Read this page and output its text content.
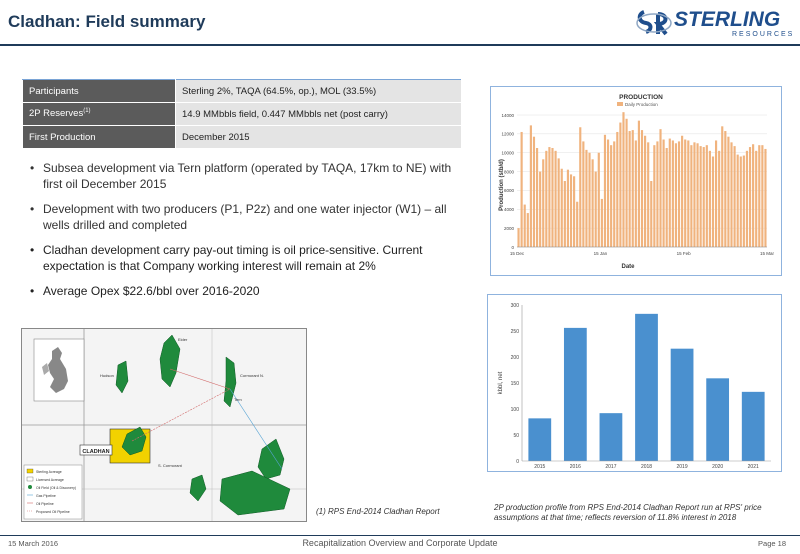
Cladhan: Field summary	STERLING
RESOURCES
Participants	Sterling 2%, TAQA (64.5%, op.), MOL (33.5%)
2P Reserves$^{(1)}$	14.9 MMbbls field, 0.447 MMbbls net (post carry)
First Production	December 2015
• Subsea development via Tern platform (operated by TAQA, 17km to NE) with first oil December 2015
• Development with two producers (P1, P2z) and one water injector (W1) – all wells drilled and completed
• Cladhan development carry pay-out timing is oil price-sensitive. Current expectation is that Company working interest will remain at 2%
• Average Opex $22.6/bbl over 2016-2020
PRODUCTION
Daily Production
Production (stb/d)
Date
0
2000
4000
6000
8000
10000
12000
14000
15 Dec	15 Jan	15 Feb	15 Mar
kbbl, net
0
50
100
150
200
250
300
2015	2016	2017	2018	2019	2020	2021
CLADHAN
Eider
Hudson	Cormorant N.
S. Cormorant
Tern
Sterling Acreage
Licensed Acreage
Oil Field (Oil & Discovery)
Gas Pipeline
Oil Pipeline
Proposed Oil Pipeline	(1) RPS End-2014 Cladhan Report	2P production profile from RPS End-2014 Cladhan Report run at RPS' price assumptions at that time; reflects reversion of 11.8% interest in 2018
15 March 2016	Recapitalization Overview and Corporate Update	Page 18
